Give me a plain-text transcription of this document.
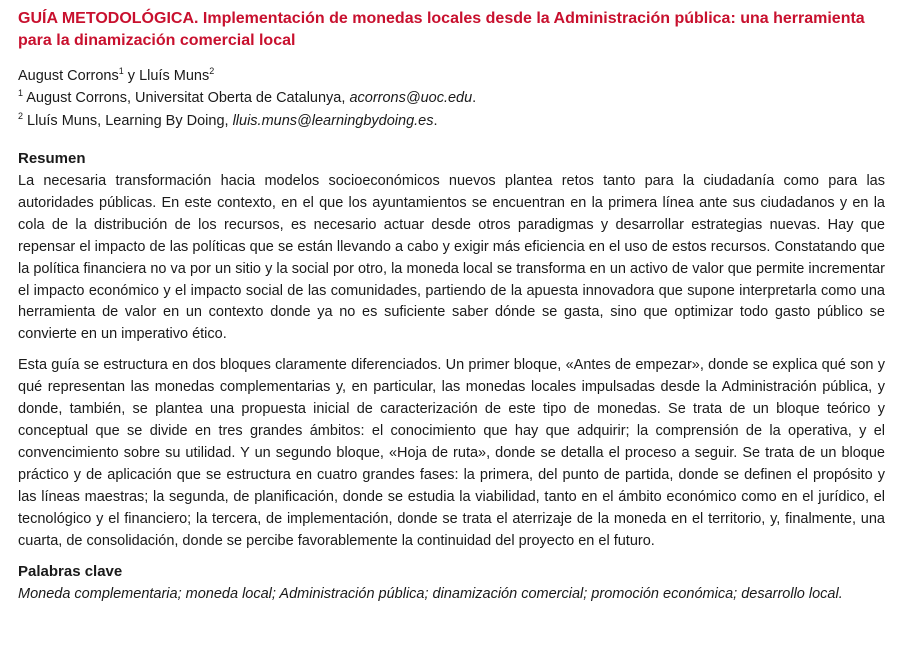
GUÍA METODOLÓGICA. Implementación de monedas locales desde la Administración pública: una herramienta para la dinamización comercial local
August Corrons$^1$ y Lluís Muns$^2$
$^1$ August Corrons, Universitat Oberta de Catalunya, acorrons@uoc.edu.
$^2$ Lluís Muns, Learning By Doing, lluis.muns@learningbydoing.es.
Resumen

La necesaria transformación hacia modelos socioeconómicos nuevos plantea retos tanto para la ciudadanía como para las autoridades públicas. En este contexto, en el que los ayuntamientos se encuentran en la primera línea ante sus ciudadanos y en la cola de la distribución de los recursos, es necesario actuar desde otros paradigmas y desarrollar estrategias nuevas. Hay que repensar el impacto de las políticas que se están llevando a cabo y exigir más eficiencia en el uso de estos recursos. Constatando que la política financiera no va por un sitio y la social por otro, la moneda local se transforma en un activo de valor que permite incrementar el impacto económico y el impacto social de las comunidades, partiendo de la apuesta innovadora que supone interpretarla como una herramienta de valor en un contexto donde ya no es suficiente saber dónde se gasta, sino que optimizar todo gasto público se convierte en un imperativo ético.

Esta guía se estructura en dos bloques claramente diferenciados. Un primer bloque, «Antes de empezar», donde se explica qué son y qué representan las monedas complementarias y, en particular, las monedas locales impulsadas desde la Administración pública, y donde, también, se plantea una propuesta inicial de caracterización de este tipo de monedas. Se trata de un bloque teórico y conceptual que se divide en tres grandes ámbitos: el conocimiento que hay que adquirir; la comprensión de la operativa, y el convencimiento sobre su utilidad. Y un segundo bloque, «Hoja de ruta», donde se detalla el proceso a seguir. Se trata de un bloque práctico y de aplicación que se estructura en cuatro grandes fases: la primera, del punto de partida, donde se definen el propósito y las líneas maestras; la segunda, de planificación, donde se estudia la viabilidad, tanto en el ámbito económico como en el jurídico, el tecnológico y el financiero; la tercera, de implementación, donde se trata el aterrizaje de la moneda en el territorio, y, finalmente, una cuarta, de consolidación, donde se percibe favorablemente la continuidad del proyecto en el futuro.

Palabras clave
Moneda complementaria; moneda local; Administración pública; dinamización comercial; promoción económica; desarrollo local.
